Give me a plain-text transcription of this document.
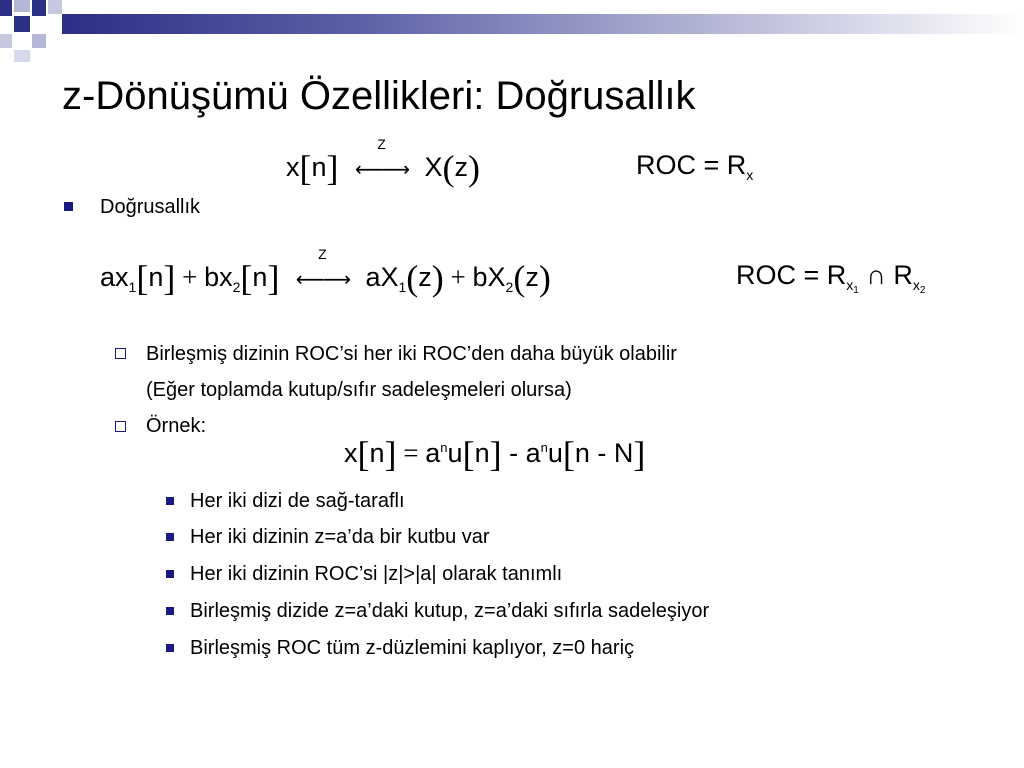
z-Dönüşümü Özellikleri: Doğrusallık
x[n]
Z
⟵⟶ X(z)	ROC = $R_x$
Doğrusallık
$ax_1[n] + bx_2[n]$
Z
⟵⟶ $aX_1(z) + bX_2(z)$	ROC = $R_{x_1}$ ∩ $R_{x_2}$
Birleşmiş dizinin ROC’si her iki ROC’den daha büyük olabilir
(Eğer toplamda kutup/sıfır sadeleşmeleri olursa)
Örnek:
$x[n] = a^nu[n] - a^nu[n - N]$
Her iki dizi de sağ-taraflı
Her iki dizinin z=a’da bir kutbu var
Her iki dizinin ROC’si |z|>|a| olarak tanımlı
Birleşmiş dizide z=a’daki kutup, z=a’daki sıfırla sadeleşiyor
Birleşmiş ROC tüm z-düzlemini kaplıyor, z=0 hariç
